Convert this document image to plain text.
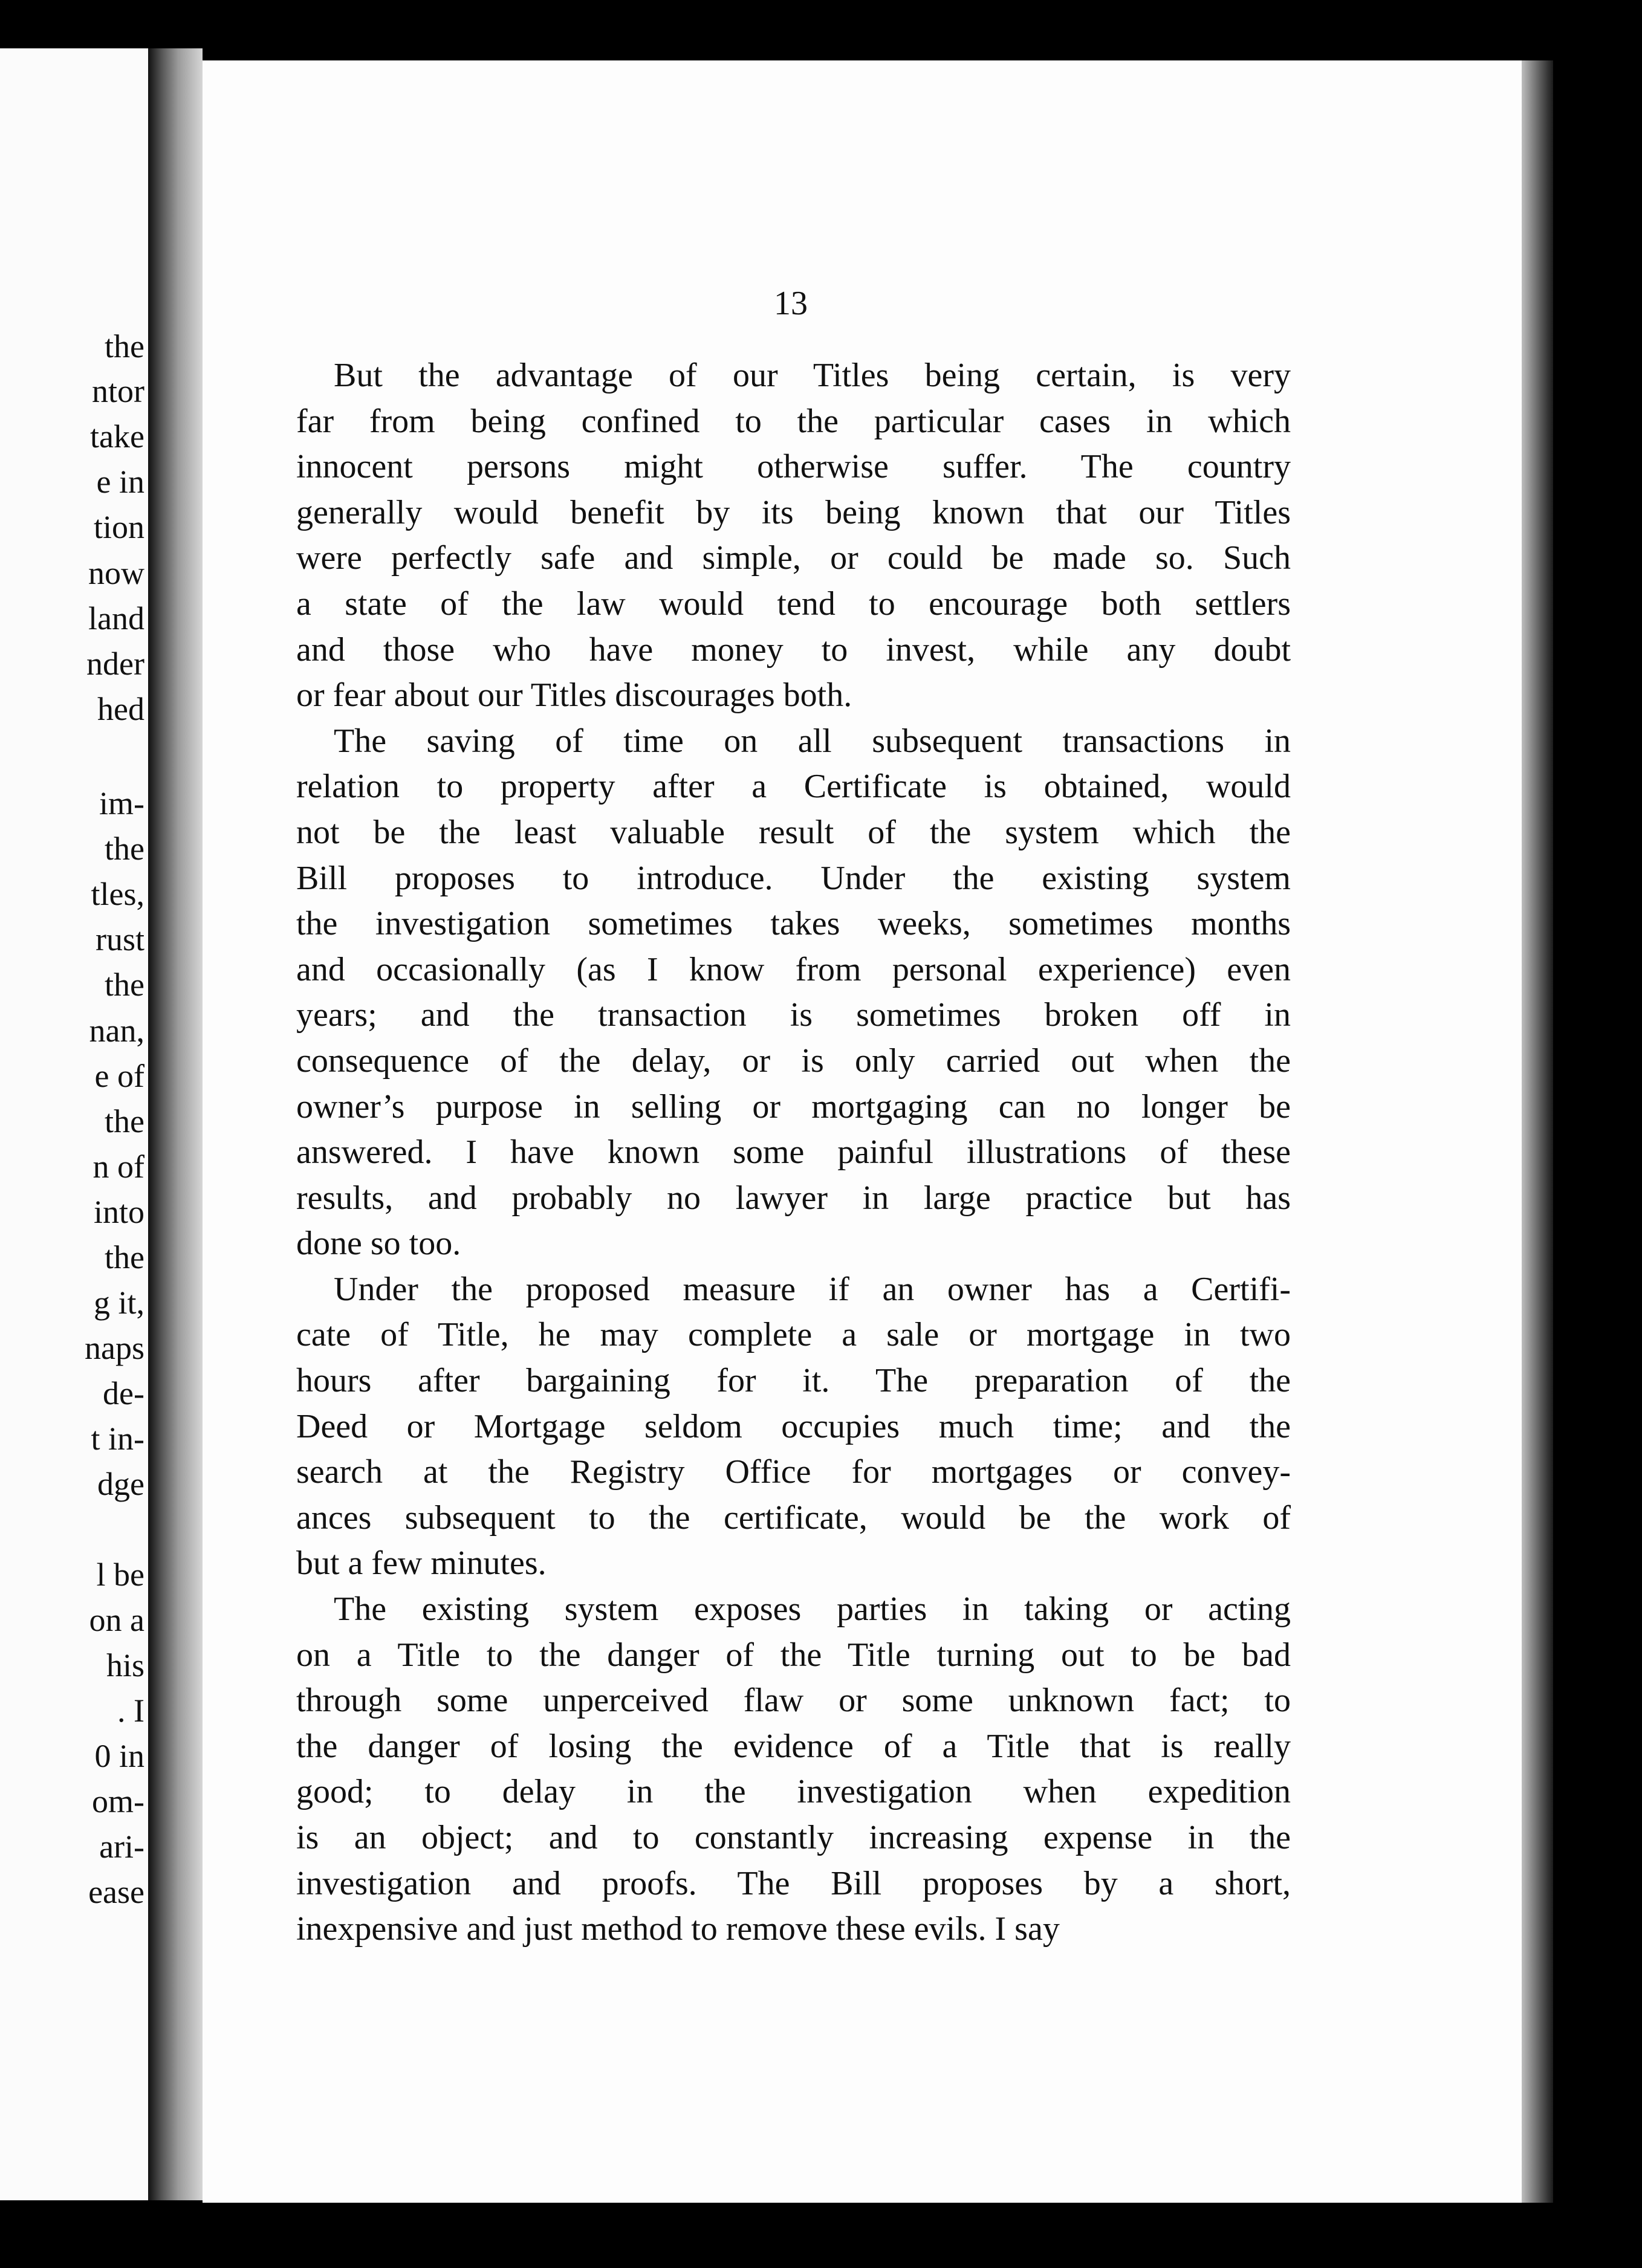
the
ntor
take
e in
tion
now
land
nder
hed
im-
the
tles,
rust
the
nan,
e of
the
n of
into
the
g it,
naps
de-
t in-
dge
l be
on a
his
. I
0 in
om-
ari-
ease
13
But the advantage of our Titles being certain, is very
far from being confined to the particular cases in which
innocent persons might otherwise suffer. The country
generally would benefit by its being known that our Titles
were perfectly safe and simple, or could be made so. Such
a state of the law would tend to encourage both settlers
and those who have money to invest, while any doubt
or fear about our Titles discourages both.
The saving of time on all subsequent transactions in
relation to property after a Certificate is obtained, would
not be the least valuable result of the system which the
Bill proposes to introduce. Under the existing system
the investigation sometimes takes weeks, sometimes months
and occasionally (as I know from personal experience) even
years; and the transaction is sometimes broken off in
consequence of the delay, or is only carried out when the
owner’s purpose in selling or mortgaging can no longer be
answered. I have known some painful illustrations of these
results, and probably no lawyer in large practice but has
done so too.
Under the proposed measure if an owner has a Certifi-
cate of Title, he may complete a sale or mortgage in two
hours after bargaining for it. The preparation of the
Deed or Mortgage seldom occupies much time; and the
search at the Registry Office for mortgages or convey-
ances subsequent to the certificate, would be the work of
but a few minutes.
The existing system exposes parties in taking or acting
on a Title to the danger of the Title turning out to be bad
through some unperceived flaw or some unknown fact; to
the danger of losing the evidence of a Title that is really
good; to delay in the investigation when expedition
is an object; and to constantly increasing expense in the
investigation and proofs. The Bill proposes by a short,
inexpensive and just method to remove these evils. I say
